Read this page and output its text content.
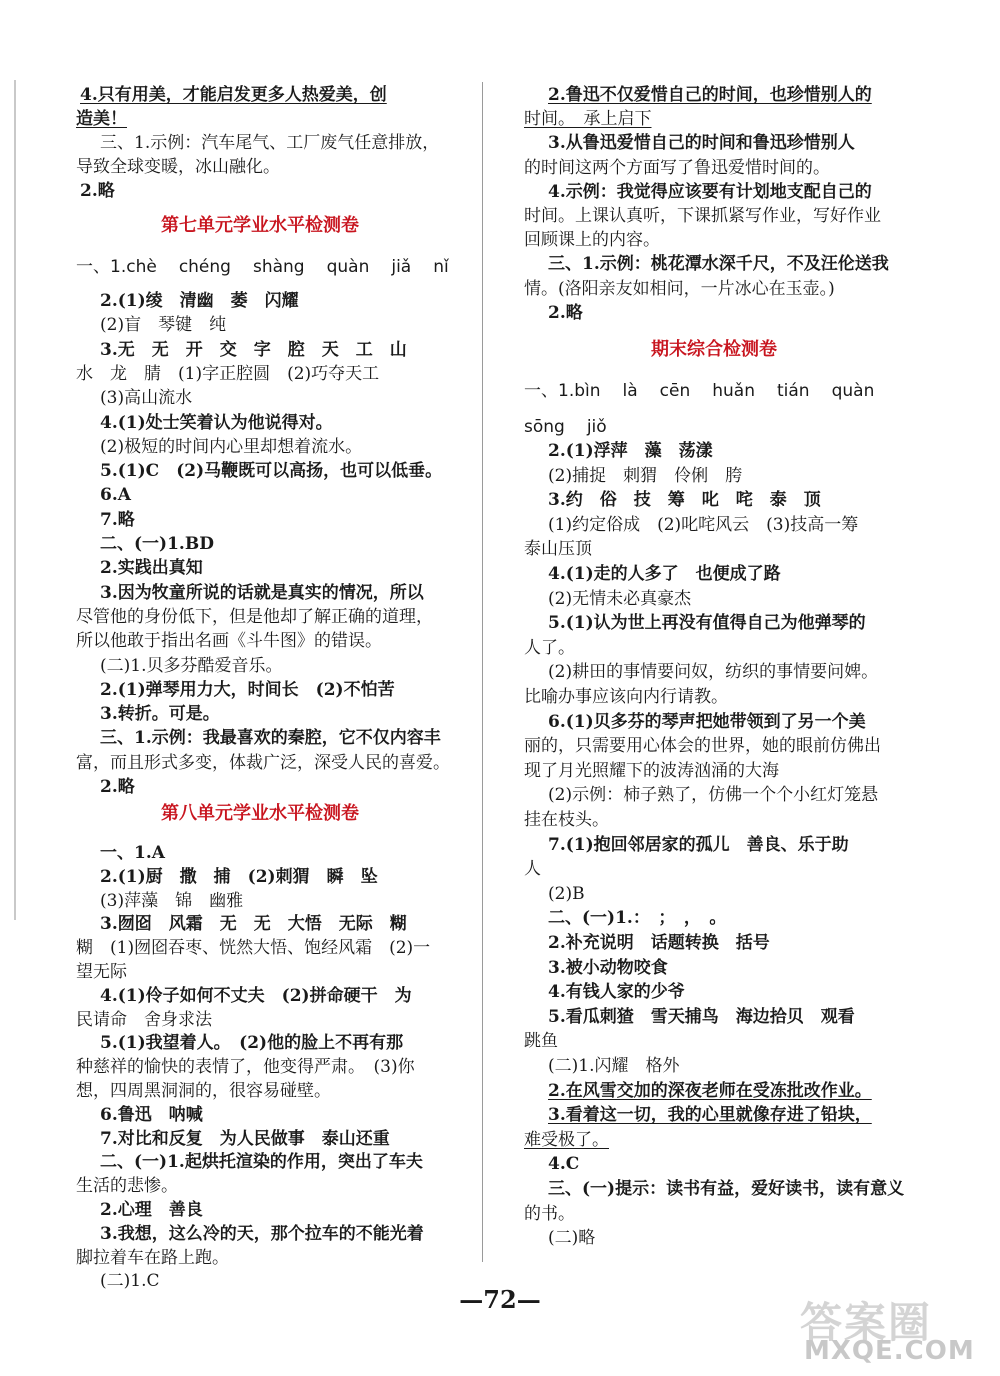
4.只有用美，才能启发更多人热爱美，创
造美！
三、1.示例：汽车尾气、工厂废气任意排放，
导致全球变暖，冰山融化。
2.略
第七单元学业水平检测卷
一、1.chè chéng shàng quàn jiǎ nǐ
2.(1)绫　清幽　萎　闪耀
(2)盲　琴键　纯
3.无　无　开　交　字　腔　天　工　山
水　龙　腈　(1)字正腔圆　(2)巧夺天工
(3)高山流水
4.(1)处士笑着认为他说得对。
(2)极短的时间内心里却想着流水。
5.(1)C　(2)马鞭既可以高扬，也可以低垂。
6.A
7.略
二、(一)1.BD
2.实践出真知
3.因为牧童所说的话就是真实的情况，所以
尽管他的身份低下，但是他却了解正确的道理，
所以他敢于指出名画《斗牛图》的错误。
(二)1.贝多芬酷爱音乐。
2.(1)弹琴用力大，时间长　(2)不怕苦
3.转折。可是。
三、1.示例：我最喜欢的秦腔，它不仅内容丰
富，而且形式多变，体裁广泛，深受人民的喜爱。
2.略
第八单元学业水平检测卷
一、1.A
2.(1)厨　撒　捕　(2)刺猬　瞬　坠
(3)萍藻　锦　幽雅
3.囫囵　风霜　无　无　大悟　无际　糊
糊　(1)囫囵吞枣、恍然大悟、饱经风霜　(2)一
望无际
4.(1)伶子如何不丈夫　(2)拼命硬干　为
民请命　舍身求法
5.(1)我望着人。　(2)他的脸上不再有那
种慈祥的愉快的表情了，他变得严肃。　(3)你
想，四周黑洞洞的，很容易碰壁。
6.鲁迅　呐喊
7.对比和反复　为人民做事　泰山还重
二、(一)1.起烘托渲染的作用，突出了车夫
生活的悲惨。
2.心理　善良
3.我想，这么冷的天，那个拉车的不能光着
脚拉着车在路上跑。
(二)1.C
2.鲁迅不仅爱惜自己的时间，也珍惜别人的
时间。　承上启下
3.从鲁迅爱惜自己的时间和鲁迅珍惜别人
的时间这两个方面写了鲁迅爱惜时间的。
4.示例：我觉得应该要有计划地支配自己的
时间。上课认真听，下课抓紧写作业，写好作业
回顾课上的内容。
三、1.示例：桃花潭水深千尺，不及汪伦送我
情。(洛阳亲友如相问，一片冰心在玉壶。)
2.略
期末综合检测卷
一、1.bìn là cēn huǎn tián quàn
sōng jiǒ
2.(1)浮萍　藻　荡漾
(2)捕捉　刺猬　伶俐　胯
3.约　俗　技　筹　叱　咤　泰　顶
(1)约定俗成　(2)叱咤风云　(3)技高一筹
泰山压顶
4.(1)走的人多了　也便成了路
(2)无情未必真豪杰
5.(1)认为世上再没有值得自己为他弹琴的
人了。
(2)耕田的事情要问奴，纺织的事情要问婢。
比喻办事应该向内行请教。
6.(1)贝多芬的琴声把她带领到了另一个美
丽的，只需要用心体会的世界，她的眼前仿佛出
现了月光照耀下的波涛汹涌的大海
(2)示例：柿子熟了，仿佛一个个小红灯笼悬
挂在枝头。
7.(1)抱回邻居家的孤儿　善良、乐于助
人
(2)B
二、(一)1.：　；　，　。
2.补充说明　话题转换　括号
3.被小动物咬食
4.有钱人家的少爷
5.看瓜刺猹　雪天捕鸟　海边拾贝　观看
跳鱼
(二)1.闪耀　格外
2.在风雪交加的深夜老师在受冻批改作业。
3.看着这一切，我的心里就像存进了铅块，
难受极了。
4.C
三、(一)提示：读书有益，爱好读书，读有意义
的书。
(二)略
—72—	答案圈
MXQE.COM
